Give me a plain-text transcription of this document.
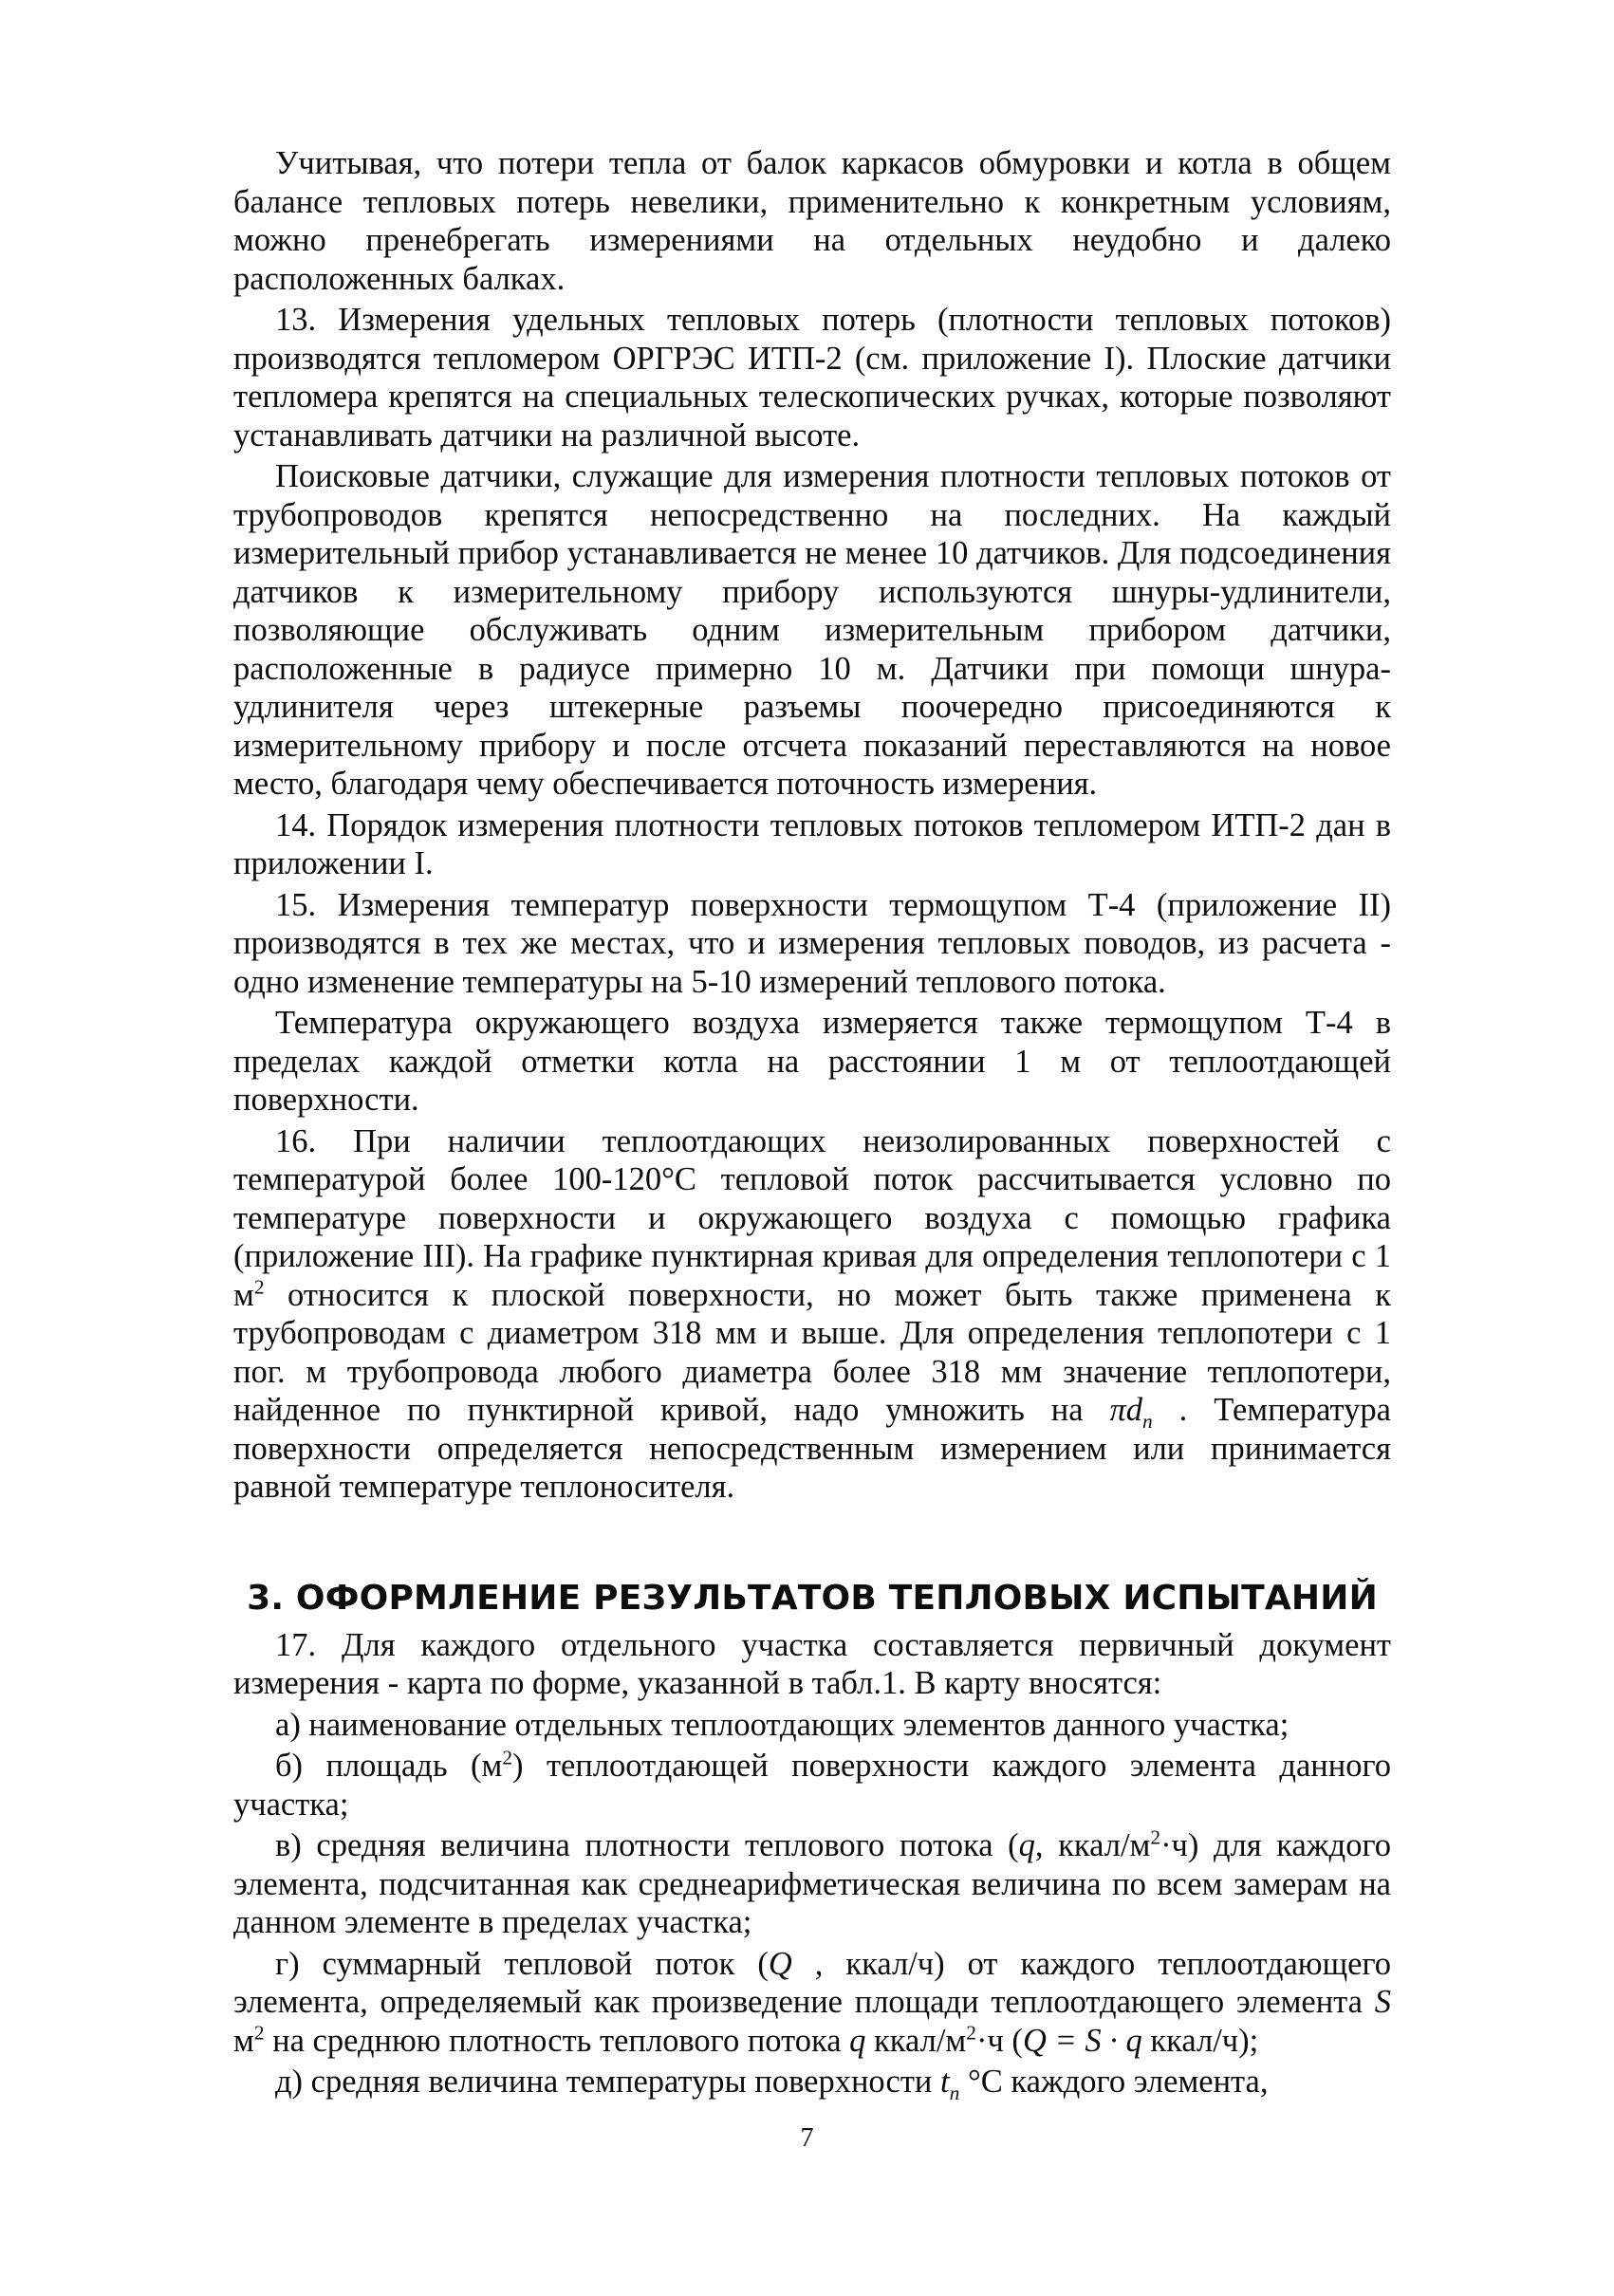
Учитывая, что потери тепла от балок каркасов обмуровки и котла в общем балансе тепловых потерь невелики, применительно к конкретным условиям, можно пренебрегать измерениями на отдельных неудобно и далеко расположенных балках.

13. Измерения удельных тепловых потерь (плотности тепловых потоков) производятся тепломером ОРГРЭС ИТП-2 (см. приложение I). Плоские датчики тепломера крепятся на специальных телескопических ручках, которые позволяют устанавливать датчики на различной высоте.

Поисковые датчики, служащие для измерения плотности тепловых потоков от трубопроводов крепятся непосредственно на последних. На каждый измерительный прибор устанавливается не менее 10 датчиков. Для подсоединения датчиков к измерительному прибору используются шнуры-удлинители, позволяющие обслуживать одним измерительным прибором датчики, расположенные в радиусе примерно 10 м. Датчики при помощи шнура-удлинителя через штекерные разъемы поочередно присоединяются к измерительному прибору и после отсчета показаний переставляются на новое место, благодаря чему обеспечивается поточность измерения.

14. Порядок измерения плотности тепловых потоков тепломером ИТП-2 дан в приложении I.

15. Измерения температур поверхности термощупом Т-4 (приложение II) производятся в тех же местах, что и измерения тепловых поводов, из расчета - одно изменение температуры на 5-10 измерений теплового потока.

Температура окружающего воздуха измеряется также термощупом Т-4 в пределах каждой отметки котла на расстоянии 1 м от теплоотдающей поверхности.

16. При наличии теплоотдающих неизолированных поверхностей с температурой более 100-120°С тепловой поток рассчитывается условно по температуре поверхности и окружающего воздуха с помощью графика (приложение III). На графике пунктирная кривая для определения теплопотери с 1 $м^2$ относится к плоской поверхности, но может быть также применена к трубопроводам с диаметром 318 мм и выше. Для определения теплопотери с 1 пог. м трубопровода любого диаметра более 318 мм значение теплопотери, найденное по пунктирной кривой, надо умножить на $\pi d_n$ . Температура поверхности определяется непосредственным измерением или принимается равной температуре теплоносителя.

3. ОФОРМЛЕНИЕ РЕЗУЛЬТАТОВ ТЕПЛОВЫХ ИСПЫТАНИЙ

17. Для каждого отдельного участка составляется первичный документ измерения - карта по форме, указанной в табл.1. В карту вносятся:

а) наименование отдельных теплоотдающих элементов данного участка;

б) площадь $(м^2)$ теплоотдающей поверхности каждого элемента данного участка;

в) средняя величина плотности теплового потока (q, ккал/$м^2\cdot ч$) для каждого элемента, подсчитанная как среднеарифметическая величина по всем замерам на данном элементе в пределах участка;

г) суммарный тепловой поток (Q , ккал/ч) от каждого теплоотдающего элемента, определяемый как произведение площади теплоотдающего элемента S $м^2$ на среднюю плотность теплового потока q ккал/$м^2\cdot ч$ (Q = S · q ккал/ч);

д) средняя величина температуры поверхности $t_n$ °С каждого элемента,

7
